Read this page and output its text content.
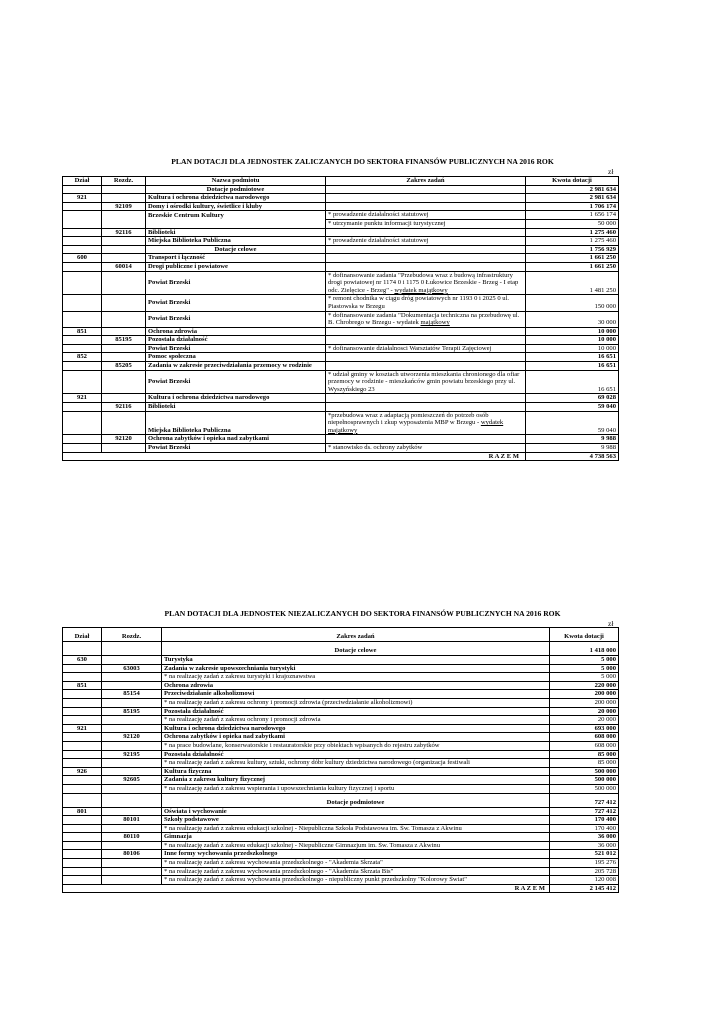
PLAN DOTACJI DLA JEDNOSTEK ZALICZANYCH DO SEKTORA FINANSÓW PUBLICZNYCH NA 2016 ROK
zł
Dział	Rozdz.	Nazwa podmiotu	Zakres zadań	Kwota dotacji
		Dotacje podmiotowe		2 981 634
921		Kultura i ochrona dziedzictwa narodowego		2 981 634
	92109	Domy i ośrodki kultury, świetlice i kluby		1 706 174
		Brzeskie Centrum Kultury	* prowadzenie działalności statutowej	1 656 174
			* utrzymanie punktu informacji turystycznej	50 000
	92116	Biblioteki		1 275 460
		Miejska Biblioteka Publiczna	* prowadzenie działalności statutowej	1 275 460
		Dotacje celowe		1 756 929
600		Transport i łączność		1 661 250
	60014	Drogi publiczne i powiatowe		1 661 250
		Powiat Brzeski	* dofinansowanie zadania "Przebudowa wraz z budową infrastruktury drogi powiatowej nr 1174 0 i 1175 0 Łukowice Brzeskie - Brzeg - I etap odc. Zielęcice - Brzeg" - wydatek majątkowy	1 481 250
		Powiat Brzeski	* remont chodnika w ciągu dróg powiatowych nr 1193 0 i 2025 0 ul. Piastowska w Brzegu	150 000
		Powiat Brzeski	* dofinansowanie zadania "Dokumentacja techniczna na przebudowę ul. B. Chrobrego w Brzegu - wydatek majątkowy	30 000
851		Ochrona zdrowia		10 000
	85195	Pozostała działalność		10 000
		Powiat Brzeski	* dofinansowanie działalnosci Warsztatów Terapii Zajęciowej	10 000
852		Pomoc społeczna		16 651
	85205	Zadania w zakresie przeciwdziałania przemocy w rodzinie		16 651
		Powiat Brzeski	* udział gminy w kosztach utworzenia mieszkania chronionego dla ofiar przemocy w rodzinie - mieszkańców gmin powiatu brzeskiego przy ul. Wyszyńskiego 23	16 651
921		Kultura i ochrona dziedzictwa narodowego		69 028
	92116	Biblioteki		59 040
		Miejska Biblioteka Publiczna	*przebudowa wraz z adaptacją pomieszczeń do potrzeb osób niepełnosprawnych i zkup wyposażenia MBP w Brzegu - wydatek majątkowy	59 040
	92120	Ochrona zabytków i opieka nad zabytkami		9 988
		Powiat Brzeski	* stanowisko ds. ochrony zabytków	9 988
R A Z E M				4 738 563
PLAN DOTACJI DLA JEDNOSTEK NIEZALICZANYCH DO SEKTORA FINANSÓW PUBLICZNYCH NA 2016 ROK
zł
Dział	Rozdz.	Zakres zadań	Kwota dotacji
		Dotacje celowe	1 418 000
630		Turystyka	5 000
	63003	Zadania w zakresie upowszechniania turystyki	5 000
		* na realizację zadań z zakresu turystyki i krajoznawstwa	5 000
851		Ochrona zdrowia	220 000
	85154	Przeciwdziałanie alkoholizmowi	200 000
		* na realizację zadań z zakresu ochrony i promocji zdrowia (przeciwdziałanie alkoholizmowi)	200 000
	85195	Pozostała działalność	20 000
		* na realizację zadań z zakresu ochrony i promocji zdrowia	20 000
921		Kultura i ochrona dziedzictwa narodowego	693 000
	92120	Ochrona zabytków i opieka nad zabytkami	608 000
		* na prace budowlane, konserwatorskie i restauratorskie przy obiektach wpisanych do rejestru zabytków	608 000
	92195	Pozostała działalność	85 000
		* na realizację zadań z zakresu kultury, sztuki, ochrony dóbr kultury dziedzictwa narodowego (organizacja festiwali	85 000
926		Kultura fizyczna	500 000
	92605	Zadania z zakresu kultury fizycznej	500 000
		* na realizację zadań z zakresu wspierania i upowszechniania kultury fizycznej i sportu	500 000
		Dotacje podmiotowe	727 412
801		Oświata i wychowanie	727 412
	80101	Szkoły podstawowe	170 400
		* na realizację zadań z zakresu edukacji szkolnej - Niepubliczna Szkoła Podstawowa im. Św. Tomasza z Akwinu	170 400
	80110	Gimnazja	36 000
		* na realizację zadań z zakresu edukacji szkolnej - Niepubliczne Gimnazjum im. Św. Tomasza z Akwinu	36 000
	80106	Inne formy wychowania przedszkolnego	521 012
		* na realizację zadań z zakresu wychowania przedszkolnego - "Akademia Skrzata"	195 276
		* na realizację zadań z zakresu wychowania przedszkolnego - "Akademia Skrzata Bis"	205 728
		* na realizację zadań z zakresu wychowania przedszkolnego - niepubliczny punkt przedszkolny "Kolorowy Świat"	120 008
R A Z E M			2 145 412
